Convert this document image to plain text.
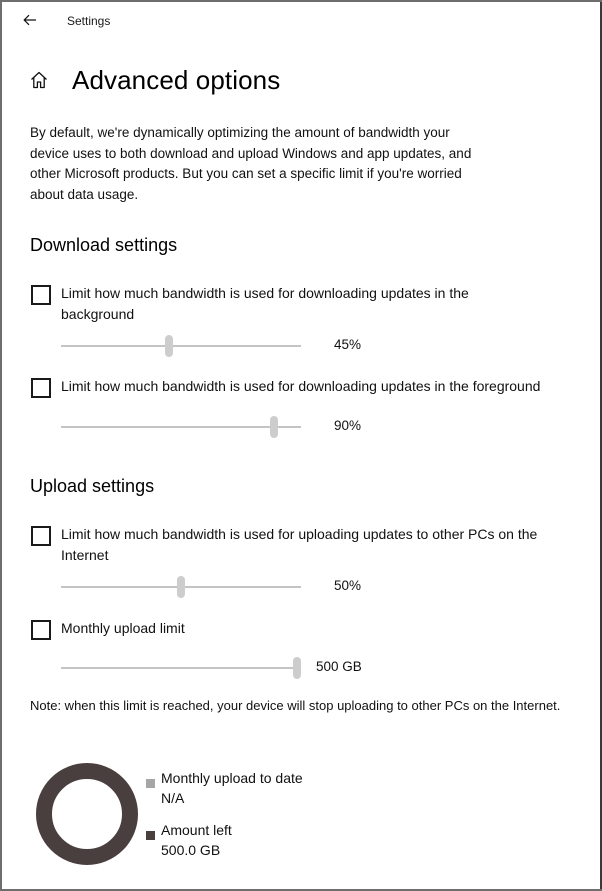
Settings
Advanced options

By default, we're dynamically optimizing the amount of bandwidth your device uses to both download and upload Windows and app updates, and other Microsoft products. But you can set a specific limit if you're worried about data usage.

Download settings
Limit how much bandwidth is used for downloading updates in the background
45%
Limit how much bandwidth is used for downloading updates in the foreground
90%
Upload settings
Limit how much bandwidth is used for uploading updates to other PCs on the Internet
50%
Monthly upload limit
500 GB

Note: when this limit is reached, your device will stop uploading to other PCs on the Internet.

Monthly upload to date
N/A
Amount left
500.0 GB
